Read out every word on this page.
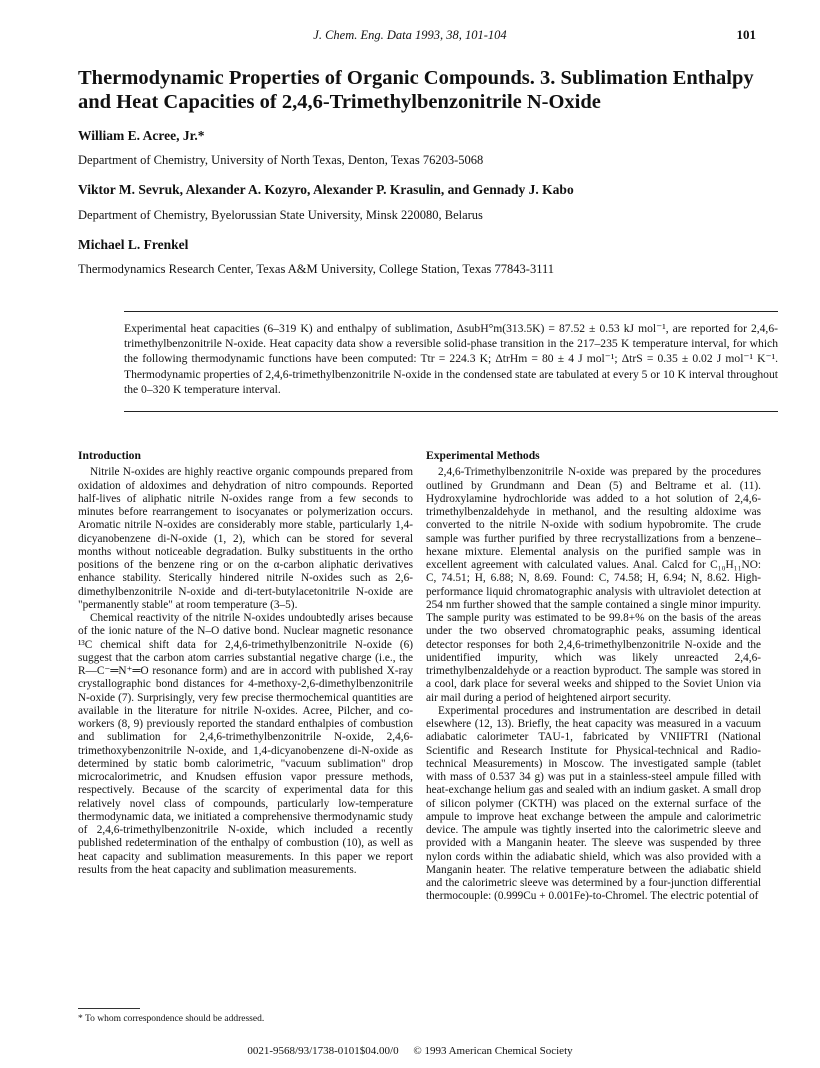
J. Chem. Eng. Data 1993, 38, 101-104	101
Thermodynamic Properties of Organic Compounds. 3. Sublimation Enthalpy and Heat Capacities of 2,4,6-Trimethylbenzonitrile N-Oxide
William E. Acree, Jr.*
Department of Chemistry, University of North Texas, Denton, Texas 76203-5068
Viktor M. Sevruk, Alexander A. Kozyro, Alexander P. Krasulin, and Gennady J. Kabo
Department of Chemistry, Byelorussian State University, Minsk 220080, Belarus
Michael L. Frenkel
Thermodynamics Research Center, Texas A&M University, College Station, Texas 77843-3111
Experimental heat capacities (6–319 K) and enthalpy of sublimation, ΔsubH°m(313.5K) = 87.52 ± 0.53 kJ mol⁻¹, are reported for 2,4,6-trimethylbenzonitrile N-oxide. Heat capacity data show a reversible solid-phase transition in the 217–235 K temperature interval, for which the following thermodynamic functions have been computed: Ttr = 224.3 K; ΔtrHm = 80 ± 4 J mol⁻¹; ΔtrS = 0.35 ± 0.02 J mol⁻¹ K⁻¹. Thermodynamic properties of 2,4,6-trimethylbenzonitrile N-oxide in the condensed state are tabulated at every 5 or 10 K interval throughout the 0–320 K temperature interval.
Introduction

Nitrile N-oxides are highly reactive organic compounds prepared from oxidation of aldoximes and dehydration of nitro compounds. Reported half-lives of aliphatic nitrile N-oxides range from a few seconds to minutes before rearrangement to isocyanates or polymerization occurs. Aromatic nitrile N-oxides are considerably more stable, particularly 1,4-dicyanobenzene di-N-oxide (1, 2), which can be stored for several months without noticeable degradation. Bulky substituents in the ortho positions of the benzene ring or on the α-carbon aliphatic derivatives enhance stability. Sterically hindered nitrile N-oxides such as 2,6-dimethylbenzonitrile N-oxide and di-tert-butylacetonitrile N-oxide are "permanently stable" at room temperature (3–5).

Chemical reactivity of the nitrile N-oxides undoubtedly arises because of the ionic nature of the N–O dative bond. Nuclear magnetic resonance ¹³C chemical shift data for 2,4,6-trimethylbenzonitrile N-oxide (6) suggest that the carbon atom carries substantial negative charge (i.e., the R—C⁻═N⁺═O resonance form) and are in accord with published X-ray crystallographic bond distances for 4-methoxy-2,6-dimethylbenzonitrile N-oxide (7). Surprisingly, very few precise thermochemical quantities are available in the literature for nitrile N-oxides. Acree, Pilcher, and co-workers (8, 9) previously reported the standard enthalpies of combustion and sublimation for 2,4,6-trimethylbenzonitrile N-oxide, 2,4,6-trimethoxybenzonitrile N-oxide, and 1,4-dicyanobenzene di-N-oxide as determined by static bomb calorimetric, "vacuum sublimation" drop microcalorimetric, and Knudsen effusion vapor pressure methods, respectively. Because of the scarcity of experimental data for this relatively novel class of compounds, particularly low-temperature thermodynamic data, we initiated a comprehensive thermodynamic study of 2,4,6-trimethylbenzonitrile N-oxide, which included a recently published redetermination of the enthalpy of combustion (10), as well as heat capacity and sublimation measurements. In this paper we report results from the heat capacity and sublimation measurements.

* To whom correspondence should be addressed.
Experimental Methods

2,4,6-Trimethylbenzonitrile N-oxide was prepared by the procedures outlined by Grundmann and Dean (5) and Beltrame et al. (11). Hydroxylamine hydrochloride was added to a hot solution of 2,4,6-trimethylbenzaldehyde in methanol, and the resulting aldoxime was converted to the nitrile N-oxide with sodium hypobromite. The crude sample was further purified by three recrystallizations from a benzene–hexane mixture. Elemental analysis on the purified sample was in excellent agreement with calculated values. Anal. Calcd for C₁₀H₁₁NO: C, 74.51; H, 6.88; N, 8.69. Found: C, 74.58; H, 6.94; N, 8.62. High-performance liquid chromatographic analysis with ultraviolet detection at 254 nm further showed that the sample contained a single minor impurity. The sample purity was estimated to be 99.8+% on the basis of the areas under the two observed chromatographic peaks, assuming identical detector responses for both 2,4,6-trimethylbenzonitrile N-oxide and the unidentified impurity, which was likely unreacted 2,4,6-trimethylbenzaldehyde or a reaction byproduct. The sample was stored in a cool, dark place for several weeks and shipped to the Soviet Union via air mail during a period of heightened airport security.

Experimental procedures and instrumentation are described in detail elsewhere (12, 13). Briefly, the heat capacity was measured in a vacuum adiabatic calorimeter TAU-1, fabricated by VNIIFTRI (National Scientific and Research Institute for Physical-technical and Radio-technical Measurements) in Moscow. The investigated sample (tablet with mass of 0.537 34 g) was put in a stainless-steel ampule filled with heat-exchange helium gas and sealed with an indium gasket. A small drop of silicon polymer (CKTH) was placed on the external surface of the ampule to improve heat exchange between the ampule and calorimetric device. The ampule was tightly inserted into the calorimetric sleeve and provided with a Manganin heater. The sleeve was suspended by three nylon cords within the adiabatic shield, which was also provided with a Manganin heater. The relative temperature between the adiabatic shield and the calorimetric sleeve was determined by a four-junction differential thermocouple: (0.999Cu + 0.001Fe)-to-Chromel. The electric potential of

0021-9568/93/1738-0101$04.00/0 © 1993 American Chemical Society
